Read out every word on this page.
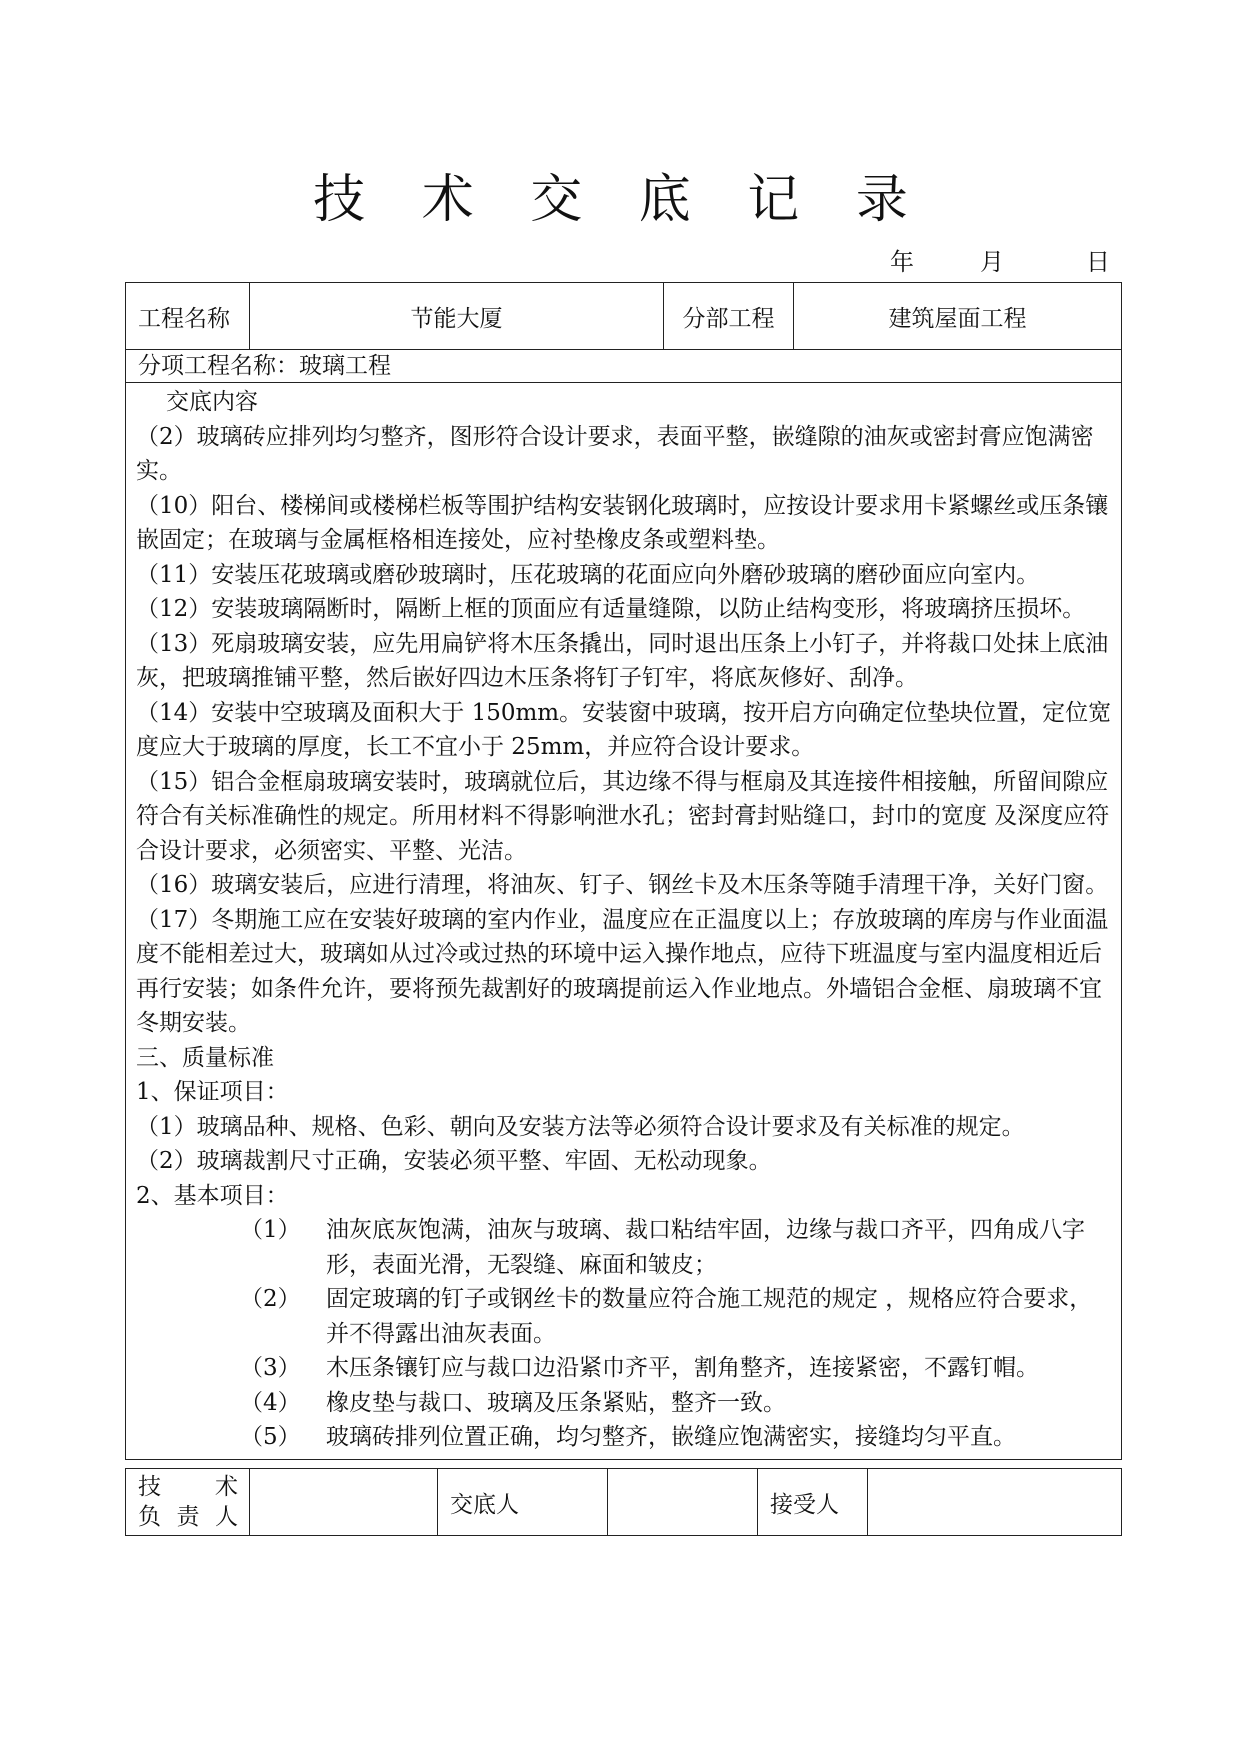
技 术 交 底 记 录
年	月	日
工程名称	节能大厦	分部工程	建筑屋面工程
分项工程名称：玻璃工程

交底内容

（2）玻璃砖应排列均匀整齐，图形符合设计要求，表面平整，嵌缝隙的油灰或密封膏应饱满密实。

（10）阳台、楼梯间或楼梯栏板等围护结构安装钢化玻璃时，应按设计要求用卡紧螺丝或压条镶嵌固定；在玻璃与金属框格相连接处，应衬垫橡皮条或塑料垫。

（11）安装压花玻璃或磨砂玻璃时，压花玻璃的花面应向外磨砂玻璃的磨砂面应向室内。

（12）安装玻璃隔断时，隔断上框的顶面应有适量缝隙，以防止结构变形，将玻璃挤压损坏。

（13）死扇玻璃安装，应先用扁铲将木压条撬出，同时退出压条上小钉子，并将裁口处抹上底油灰，把玻璃推铺平整，然后嵌好四边木压条将钉子钉牢，将底灰修好、刮净。

（14）安装中空玻璃及面积大于 150mm。安装窗中玻璃，按开启方向确定位垫块位置，定位宽度应大于玻璃的厚度，长工不宜小于 25mm，并应符合设计要求。

（15）铝合金框扇玻璃安装时，玻璃就位后，其边缘不得与框扇及其连接件相接触，所留间隙应符合有关标准确性的规定。所用材料不得影响泄水孔；密封膏封贴缝口，封巾的宽度 及深度应符合设计要求，必须密实、平整、光洁。

（16）玻璃安装后，应进行清理，将油灰、钉子、钢丝卡及木压条等随手清理干净，关好门窗。

（17）冬期施工应在安装好玻璃的室内作业，温度应在正温度以上；存放玻璃的库房与作业面温度不能相差过大，玻璃如从过冷或过热的环境中运入操作地点，应待下班温度与室内温度相近后再行安装；如条件允许，要将预先裁割好的玻璃提前运入作业地点。外墙铝合金框、扇玻璃不宜冬期安装。

三、质量标准

1、保证项目：

（1）玻璃品种、规格、色彩、朝向及安装方法等必须符合设计要求及有关标准的规定。

（2）玻璃裁割尺寸正确，安装必须平整、牢固、无松动现象。

2、基本项目：

（1）	油灰底灰饱满，油灰与玻璃、裁口粘结牢固，边缘与裁口齐平，四角成八字形，表面光滑，无裂缝、麻面和皱皮；

（2）	固定玻璃的钉子或钢丝卡的数量应符合施工规范的规定 ，规格应符合要求，并不得露出油灰表面。

（3）	木压条镶钉应与裁口边沿紧巾齐平，割角整齐，连接紧密，不露钉帽。

（4）	橡皮垫与裁口、玻璃及压条紧贴，整齐一致。

（5）	玻璃砖排列位置正确，均匀整齐，嵌缝应饱满密实，接缝均匀平直。

技 术
负 责 人		交底人		接受人	
